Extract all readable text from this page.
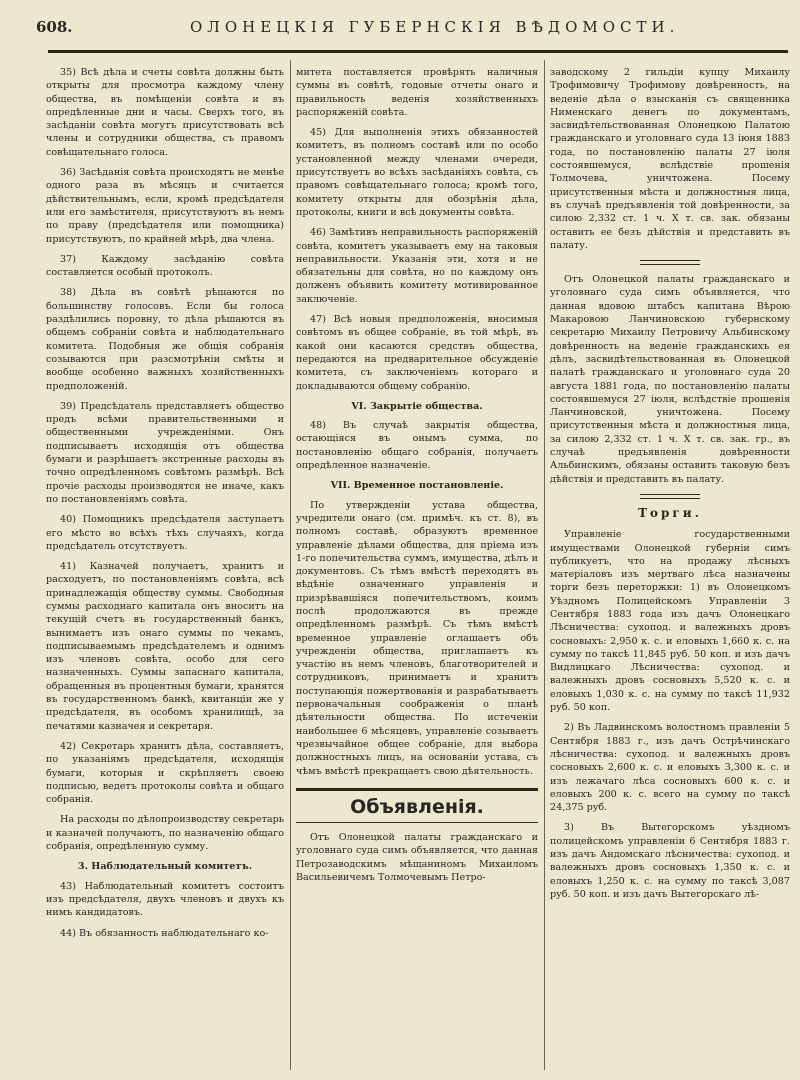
608.	ОЛОНЕЦКІЯ ГУБЕРНСКІЯ ВѢДОМОСТИ.

35) Всѣ дѣла и счеты совѣта должны быть открыты для просмотра каждому члену общества, въ помѣщеніи совѣта и въ опредѣленные дни и часы. Сверхъ того, въ засѣданіи совѣта могутъ присутствовать всѣ члены и сотрудники общества, съ правомъ совѣщательнаго голоса.

36) Засѣданія совѣта происходятъ не менѣе одного раза въ мѣсяцъ и считается дѣйствительнымъ, если, кромѣ предсѣдателя или его замѣстителя, присутствуютъ въ немъ по праву (предсѣдателя или помощника) присутствуютъ, по крайней мѣрѣ, два члена.

37) Каждому засѣданію совѣта составляется особый протоколъ.

38) Дѣла въ совѣтѣ рѣшаются по большинству голосовъ. Если бы голоса раздѣлились поровну, то дѣла рѣшаются въ общемъ собраніи совѣта и наблюдательнаго комитета. Подобныя же общія собранія созываются при разсмотрѣніи смѣты и вообще особенно важныхъ хозяйственныхъ предположеній.

39) Предсѣдатель представляетъ общество предъ всѣми правительственными и общественными учрежденіями. Онъ подписываетъ исходящія отъ общества бумаги и разрѣшаетъ экстренные расходы въ точно опредѣленномъ совѣтомъ размѣрѣ. Всѣ прочіе расходы производятся не иначе, какъ по постановленіямъ совѣта.

40) Помощникъ предсѣдателя заступаетъ его мѣсто во всѣхъ тѣхъ случаяхъ, когда предсѣдатель отсутствуетъ.

41) Казначей получаетъ, хранитъ и расходуетъ, по постановленіямъ совѣта, всѣ принадлежащія обществу суммы. Свободныя суммы расходнаго капитала онъ вноситъ на текущій счетъ въ государственный банкъ, вынимаетъ изъ онаго суммы по чекамъ, подписываемымъ предсѣдателемъ и однимъ изъ членовъ совѣта, особо для сего назначенныхъ. Суммы запаснаго капитала, обращенныя въ процентныя бумаги, хранятся въ государственномъ банкѣ, квитанціи же у предсѣдателя, въ особомъ хранилищѣ, за печатями казначея и секретаря.

42) Секретарь хранитъ дѣла, составляетъ, по указаніямъ предсѣдателя, исходящія бумаги, которыя и скрѣпляетъ своею подписью, ведетъ протоколы совѣта и общаго собранія.

На расходы по дѣлопроизводству секретарь и казначей получаютъ, по назначенію общаго собранія, опредѣленную сумму.

3. Наблюдательный комитетъ.

43) Наблюдательный комитетъ состоитъ изъ предсѣдателя, двухъ членовъ и двухъ къ нимъ кандидатовъ.

44) Въ обязанность наблюдательнаго ко-

митета поставляется провѣрять наличныя суммы въ совѣтѣ, годовые отчеты онаго и правильность веденія хозяйственныхъ распоряженій совѣта.

45) Для выполненія этихъ обязанностей комитетъ, въ полномъ составѣ или по особо установленной между членами очереди, присутствуетъ во всѣхъ засѣданіяхъ совѣта, съ правомъ совѣщательнаго голоса; кромѣ того, комитету открыты для обозрѣнія дѣла, протоколы, книги и всѣ документы совѣта.

46) Замѣтивъ неправильность распоряженій совѣта, комитетъ указываетъ ему на таковыя неправильности. Указанія эти, хотя и не обязательны для совѣта, но по каждому онъ долженъ объявить комитету мотивированное заключеніе.

47) Всѣ новыя предположенія, вносимыя совѣтомъ въ общее собраніе, въ той мѣрѣ, въ какой они касаются средствъ общества, передаются на предварительное обсужденіе комитета, съ заключеніемъ котораго и докладываются общему собранію.

VI. Закрытіе общества.

48) Въ случаѣ закрытія общества, остающіяся въ онымъ сумма, по постановленію общаго собранія, получаетъ опредѣленное назначеніе.

VII. Временное постановленіе.

По утвержденіи устава общества, учредители онаго (см. примѣч. къ ст. 8), въ полномъ составѣ, образуютъ временное управленіе дѣлами общества, для пріема изъ 1-го попечительства суммъ, имущества, дѣлъ и документовъ. Съ тѣмъ вмѣстѣ переходятъ въ вѣдѣніе означеннаго управленія и призрѣвавшіяся попечительствомъ, коимъ послѣ продолжаются въ прежде опредѣленномъ размѣрѣ. Съ тѣмъ вмѣстѣ временное управленіе оглашаетъ объ учрежденіи общества, приглашаетъ къ участію въ немъ членовъ, благотворителей и сотрудниковъ, принимаетъ и хранитъ поступающія пожертвованія и разрабатываетъ первоначальныя соображенія о планѣ дѣятельности общества. По истеченіи наибольшее 6 мѣсяцевъ, управленіе созываетъ чрезвычайное общее собраніе, для выбора должностныхъ лицъ, на основаніи устава, съ чѣмъ вмѣстѣ прекращаетъ свою дѣятельность.

Объявленія.

Отъ Олонецкой палаты гражданскаго и уголовнаго суда симъ объявляется, что данная Петрозаводскимъ мѣщаниномъ Михаиломъ Васильевичемъ Толмочевымъ Петро-

заводскому 2 гильдіи купцу Михаилу Трофимовичу Трофимову довѣренность, на веденіе дѣла о взысканія съ священника Нименскаго денегъ по документамъ, засвидѣтельствованная Олонецкою Палатою гражданскаго и уголовнаго суда 13 іюня 1883 года, по постановленію палаты 27 іюля состоявшемуся, вслѣдствіе прошенія Толмочева, уничтожена. Посему присутственныя мѣста и должностныя лица, въ случаѣ предъявленія той довѣренности, за силою 2,332 ст. 1 ч. X т. св. зак. обязаны оставить ее безъ дѣйствія и представить въ палату.

Отъ Олонецкой палаты гражданскаго и уголовнаго суда симъ объявляется, что данная вдовою штабсъ капитана Вѣрою Макаровою Ланчиновскою губернскому секретарю Михаилу Петровичу Альбинскому довѣренность на веденіе гражданскихъ ея дѣлъ, засвидѣтельствованная въ Олонецкой палатѣ гражданскаго и уголовнаго суда 20 августа 1881 года, по постановленію палаты состоявшемуся 27 іюля, вслѣдствіе прошенія Ланчиновской, уничтожена. Посему присутственныя мѣста и должностныя лица, за силою 2,332 ст. 1 ч. X т. св. зак. гр., въ случаѣ предъявленія довѣренности Альбинскимъ, обязаны оставить таковую безъ дѣйствія и представить въ палату.

Торги.

Управленіе государственными имуществами Олонецкой губерніи симъ публикуетъ, что на продажу лѣсныхъ матеріаловъ изъ мертваго лѣса назначены торги безъ переторжки: 1) въ Олонецкомъ Уѣздномъ Полицейскомъ Управленіи 3 Сентября 1883 года изъ дачъ Олонецкаго Лѣсничества: сухопод. и валежныхъ дровъ сосновыхъ: 2,950 к. с. и еловыхъ 1,660 к. с. на сумму по таксѣ 11,845 руб. 50 коп. и изъ дачъ Видлицкаго Лѣсничества: сухопод. и валежныхъ дровъ сосновыхъ 5,520 к. с. и еловыхъ 1,030 к. с. на сумму по таксѣ 11,932 руб. 50 коп.

2) Въ Ладвинскомъ волостномъ правленіи 5 Сентября 1883 г., изъ дачъ Острѣчинскаго лѣсничества: сухопод. и валежныхъ дровъ сосновыхъ 2,600 к. с. и еловыхъ 3,300 к. с. и изъ лежачаго лѣса сосновыхъ 600 к. с. и еловыхъ 200 к. с. всего на сумму по таксѣ 24,375 руб.

3) Въ Вытегорскомъ уѣздномъ полицейскомъ управленіи 6 Сентября 1883 г. изъ дачъ Андомскаго лѣсничества: сухопод. и валежныхъ дровъ сосновыхъ 1,350 к. с. и еловыхъ 1,250 к. с. на сумму по таксѣ 3,087 руб. 50 коп. и изъ дачъ Вытегорскаго лѣ-
